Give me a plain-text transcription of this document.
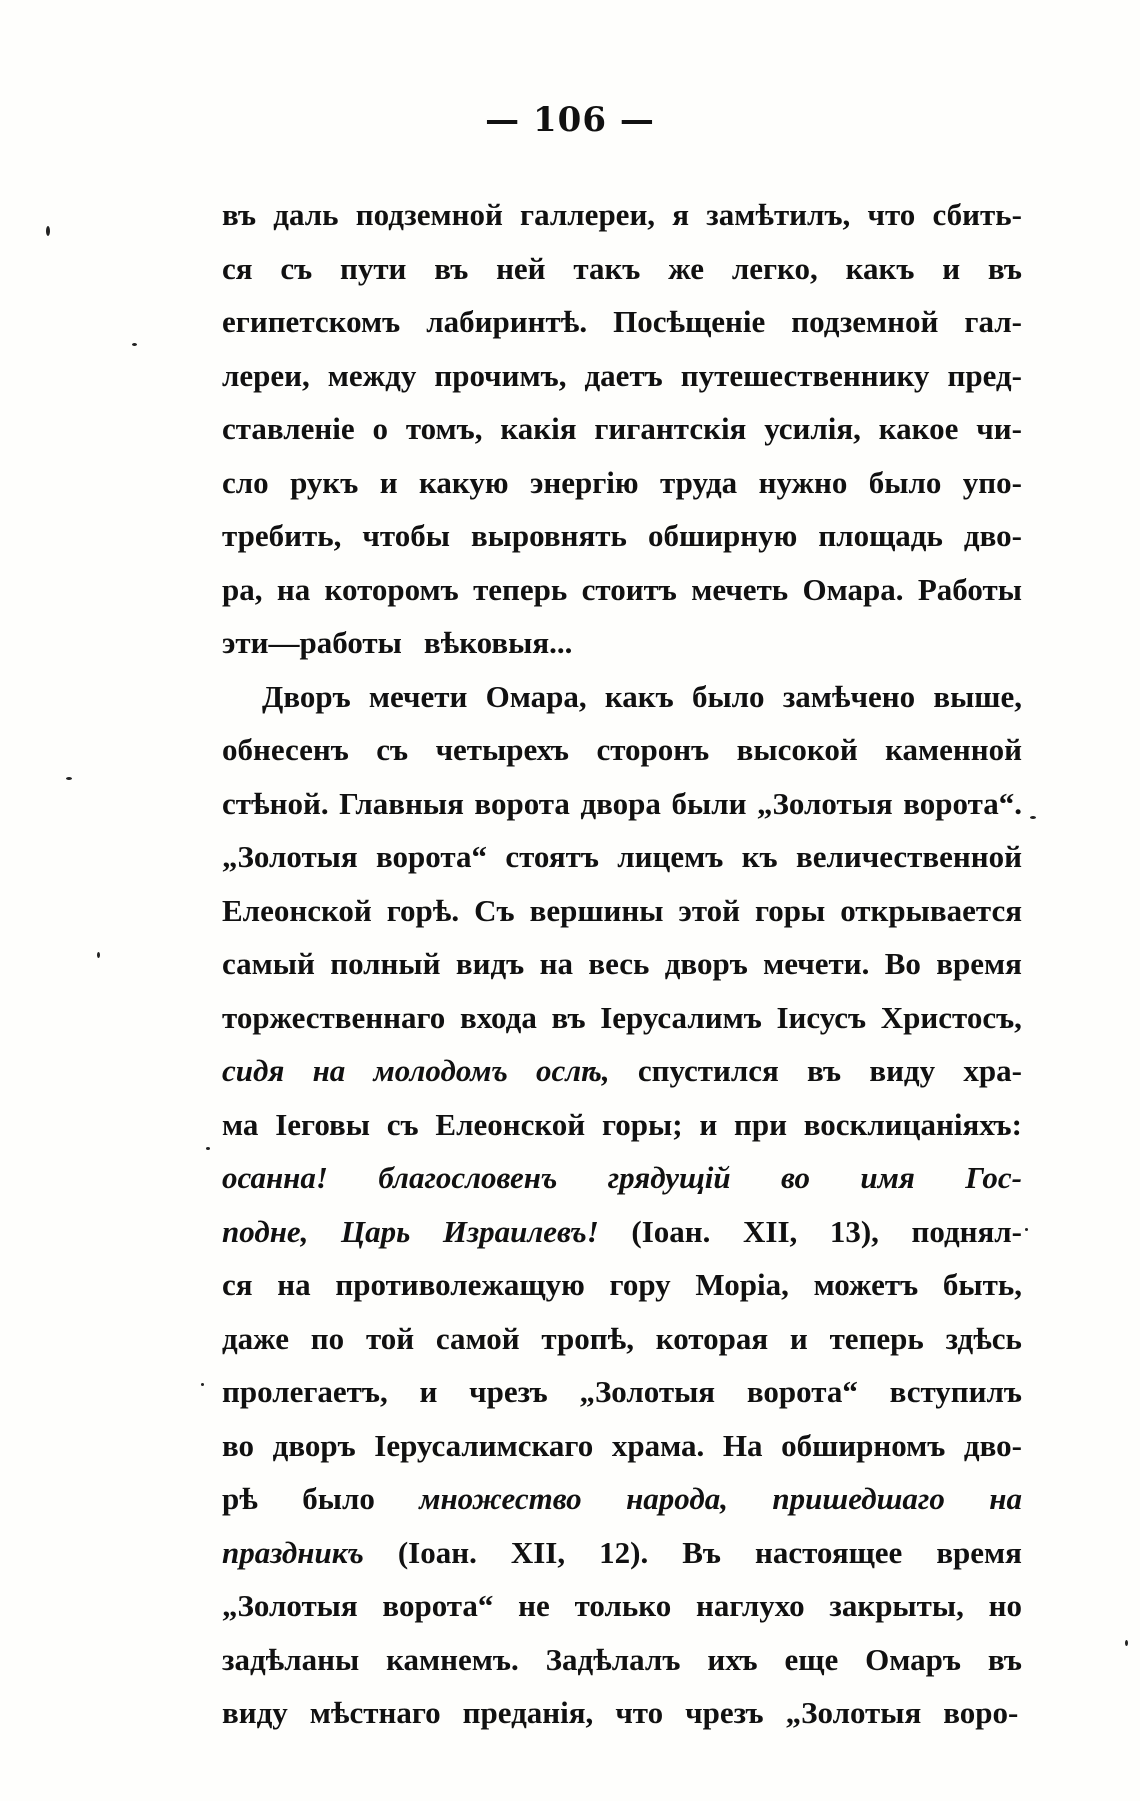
— 106 —
въ даль подземной галлереи, я замѣтилъ, что сбить-
ся съ пути въ ней такъ же легко, какъ и въ
египетскомъ лабиринтѣ. Посѣщеніе подземной гал-
лереи, между прочимъ, даетъ путешественнику пред-
ставленіе о томъ, какія гигантскія усилія, какое чи-
сло рукъ и какую энергію труда нужно было упо-
требить, чтобы выровнять обширную площадь дво-
ра, на которомъ теперь стоитъ мечеть Омара. Работы
эти—работы вѣковыя...
Дворъ мечети Омара, какъ было замѣчено выше,
обнесенъ съ четырехъ сторонъ высокой каменной
стѣной. Главныя ворота двора были „Золотыя ворота“.
„Золотыя ворота“ стоятъ лицемъ къ величественной
Елеонской горѣ. Съ вершины этой горы открывается
самый полный видъ на весь дворъ мечети. Во время
торжественнаго входа въ Іерусалимъ Іисусъ Христосъ,
сидя на молодомъ ослѣ, спустился въ виду хра-
ма Іеговы съ Елеонской горы; и при восклицаніяхъ:
осанна! благословенъ грядущій во имя Гос-
подне, Царь Израилевъ! (Іоан. XII, 13), поднял-
ся на противолежащую гору Моріа, можетъ быть,
даже по той самой тропѣ, которая и теперь здѣсь
пролегаетъ, и чрезъ „Золотыя ворота“ вступилъ
во дворъ Іерусалимскаго храма. На обширномъ дво-
рѣ было множество народа, пришедшаго на
праздникъ (Іоан. XII, 12). Въ настоящее время
„Золотыя ворота“ не только наглухо закрыты, но
задѣланы камнемъ. Задѣлалъ ихъ еще Омаръ въ
виду мѣстнаго преданія, что чрезъ „Золотыя воро-
